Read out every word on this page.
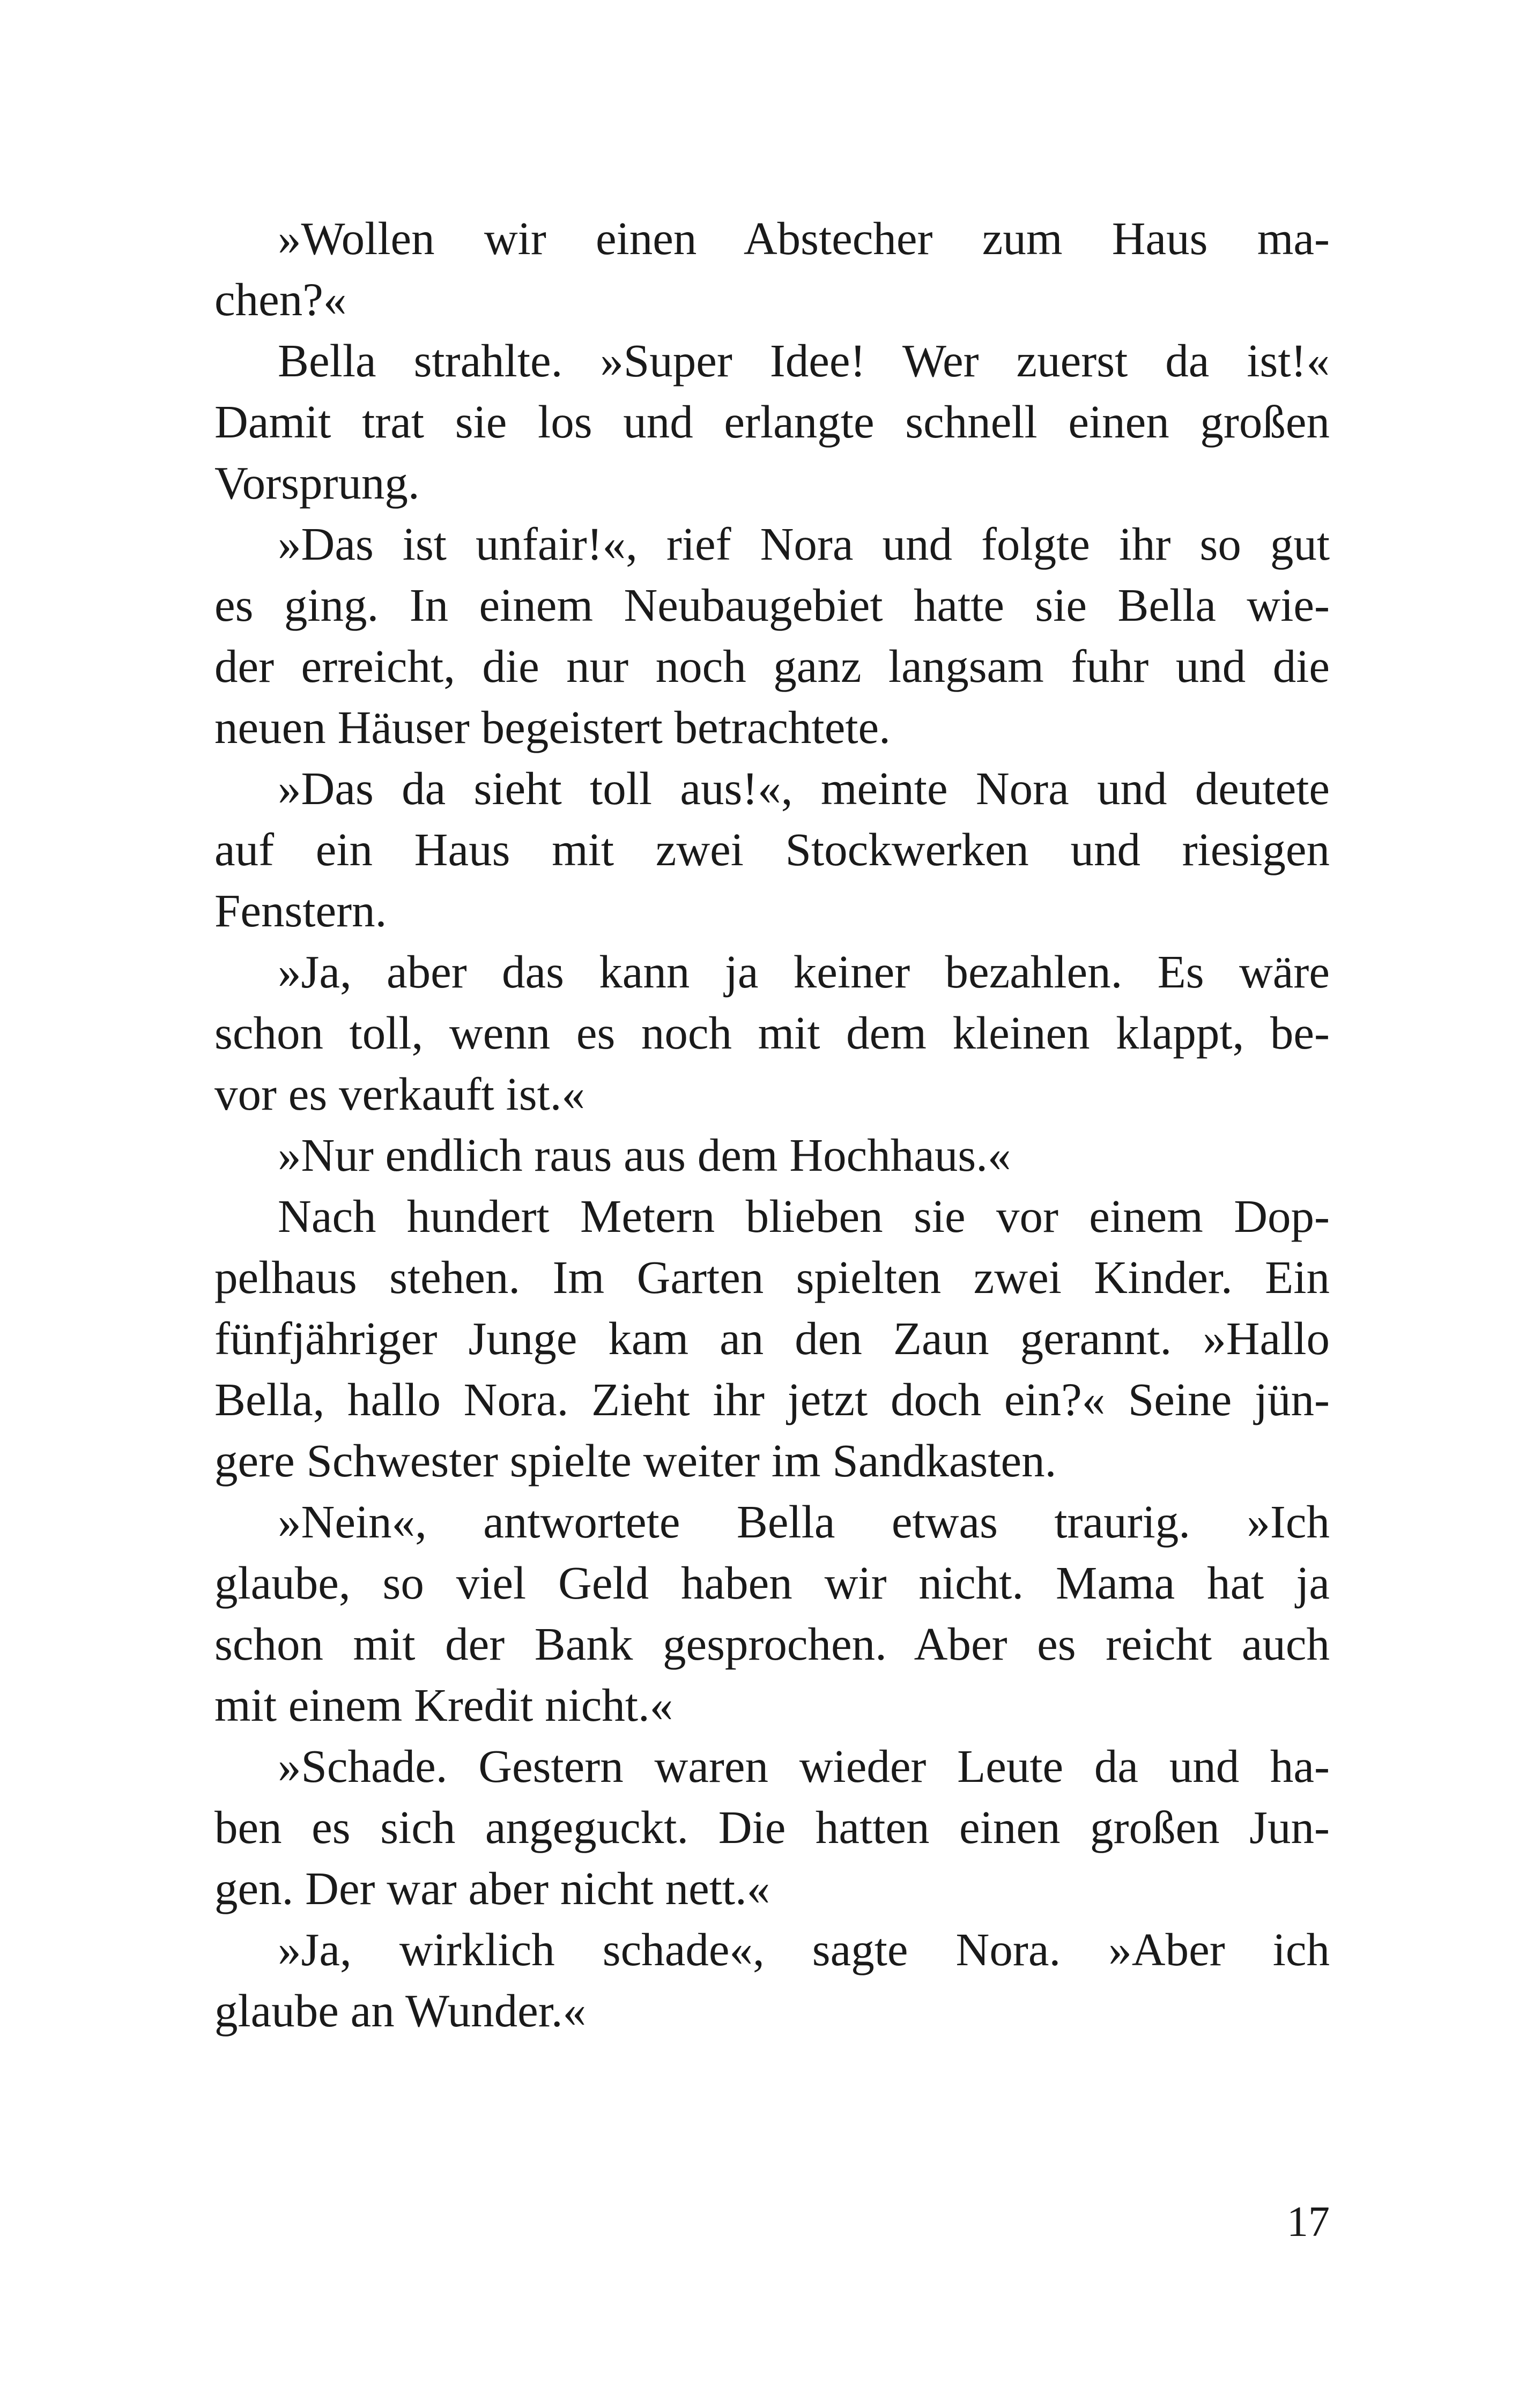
»Wollen wir einen Abstecher zum Haus ma-
chen?«
Bella strahlte. »Super Idee! Wer zuerst da ist!«
Damit trat sie los und erlangte schnell einen großen
Vorsprung.
»Das ist unfair!«, rief Nora und folgte ihr so gut
es ging. In einem Neubaugebiet hatte sie Bella wie-
der erreicht, die nur noch ganz langsam fuhr und die
neuen Häuser begeistert betrachtete.
»Das da sieht toll aus!«, meinte Nora und deutete
auf ein Haus mit zwei Stockwerken und riesigen
Fenstern.
»Ja, aber das kann ja keiner bezahlen. Es wäre
schon toll, wenn es noch mit dem kleinen klappt, be-
vor es verkauft ist.«
»Nur endlich raus aus dem Hochhaus.«
Nach hundert Metern blieben sie vor einem Dop-
pelhaus stehen. Im Garten spielten zwei Kinder. Ein
fünfjähriger Junge kam an den Zaun gerannt. »Hallo
Bella, hallo Nora. Zieht ihr jetzt doch ein?« Seine jün-
gere Schwester spielte weiter im Sandkasten.
»Nein«, antwortete Bella etwas traurig. »Ich
glaube, so viel Geld haben wir nicht. Mama hat ja
schon mit der Bank gesprochen. Aber es reicht auch
mit einem Kredit nicht.«
»Schade. Gestern waren wieder Leute da und ha-
ben es sich angeguckt. Die hatten einen großen Jun-
gen. Der war aber nicht nett.«
»Ja, wirklich schade«, sagte Nora. »Aber ich
glaube an Wunder.«
17
